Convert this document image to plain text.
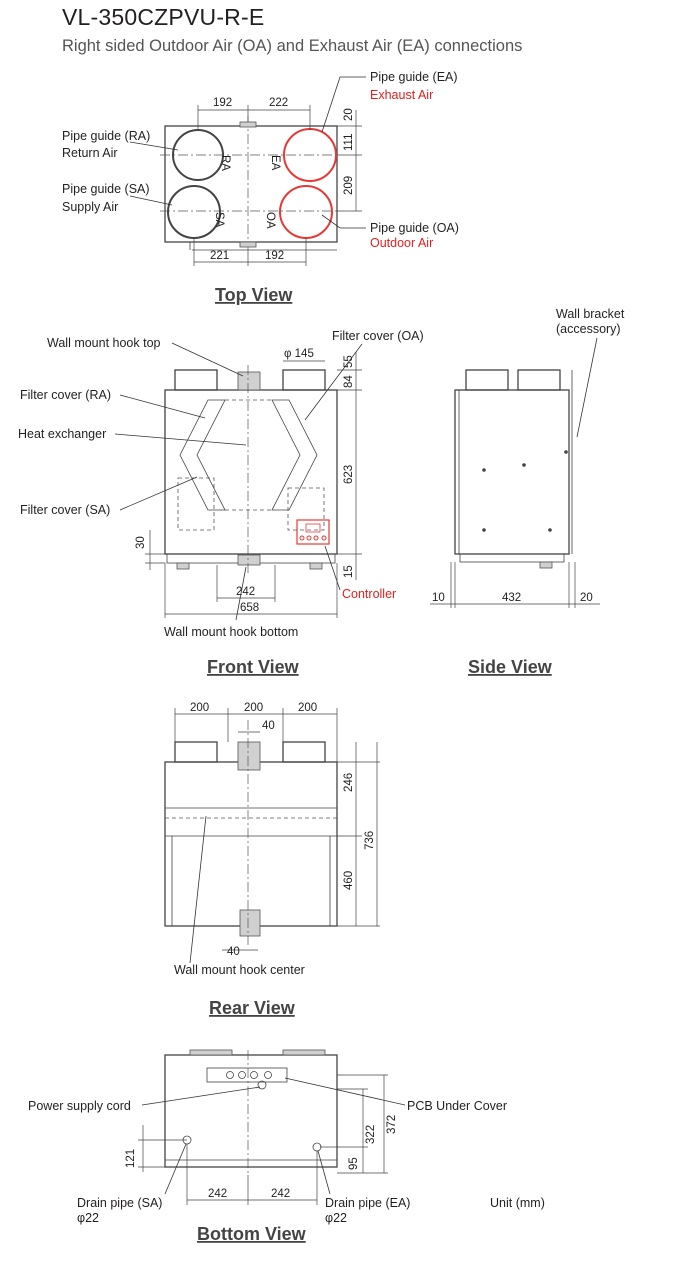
VL-350CZPVU-R-E
Right sided Outdoor Air (OA) and Exhaust Air (EA) connections
RA
SA
EA
OA
192	222
20
111
209
221	192
Pipe guide (RA)
Return Air
Pipe guide (SA)
Supply Air
Pipe guide (EA)
Exhaust Air
Pipe guide (OA)
Outdoor Air
Top View
φ 145
55
84
623
15
30
242
658
Wall mount hook top	Filter cover (OA)
Filter cover (RA)
Heat exchanger
Filter cover (SA)
Controller
Wall mount hook bottom
Front View
10	432	20
Wall bracket
(accessory)
Side View
200	200	200
40
246
460
736
40
Wall mount hook center
Rear View
121
242	242
322
372
95
Power supply cord	PCB Under Cover
Drain pipe (SA)
φ22
Drain pipe (EA)
φ22
Unit (mm)
Bottom View
